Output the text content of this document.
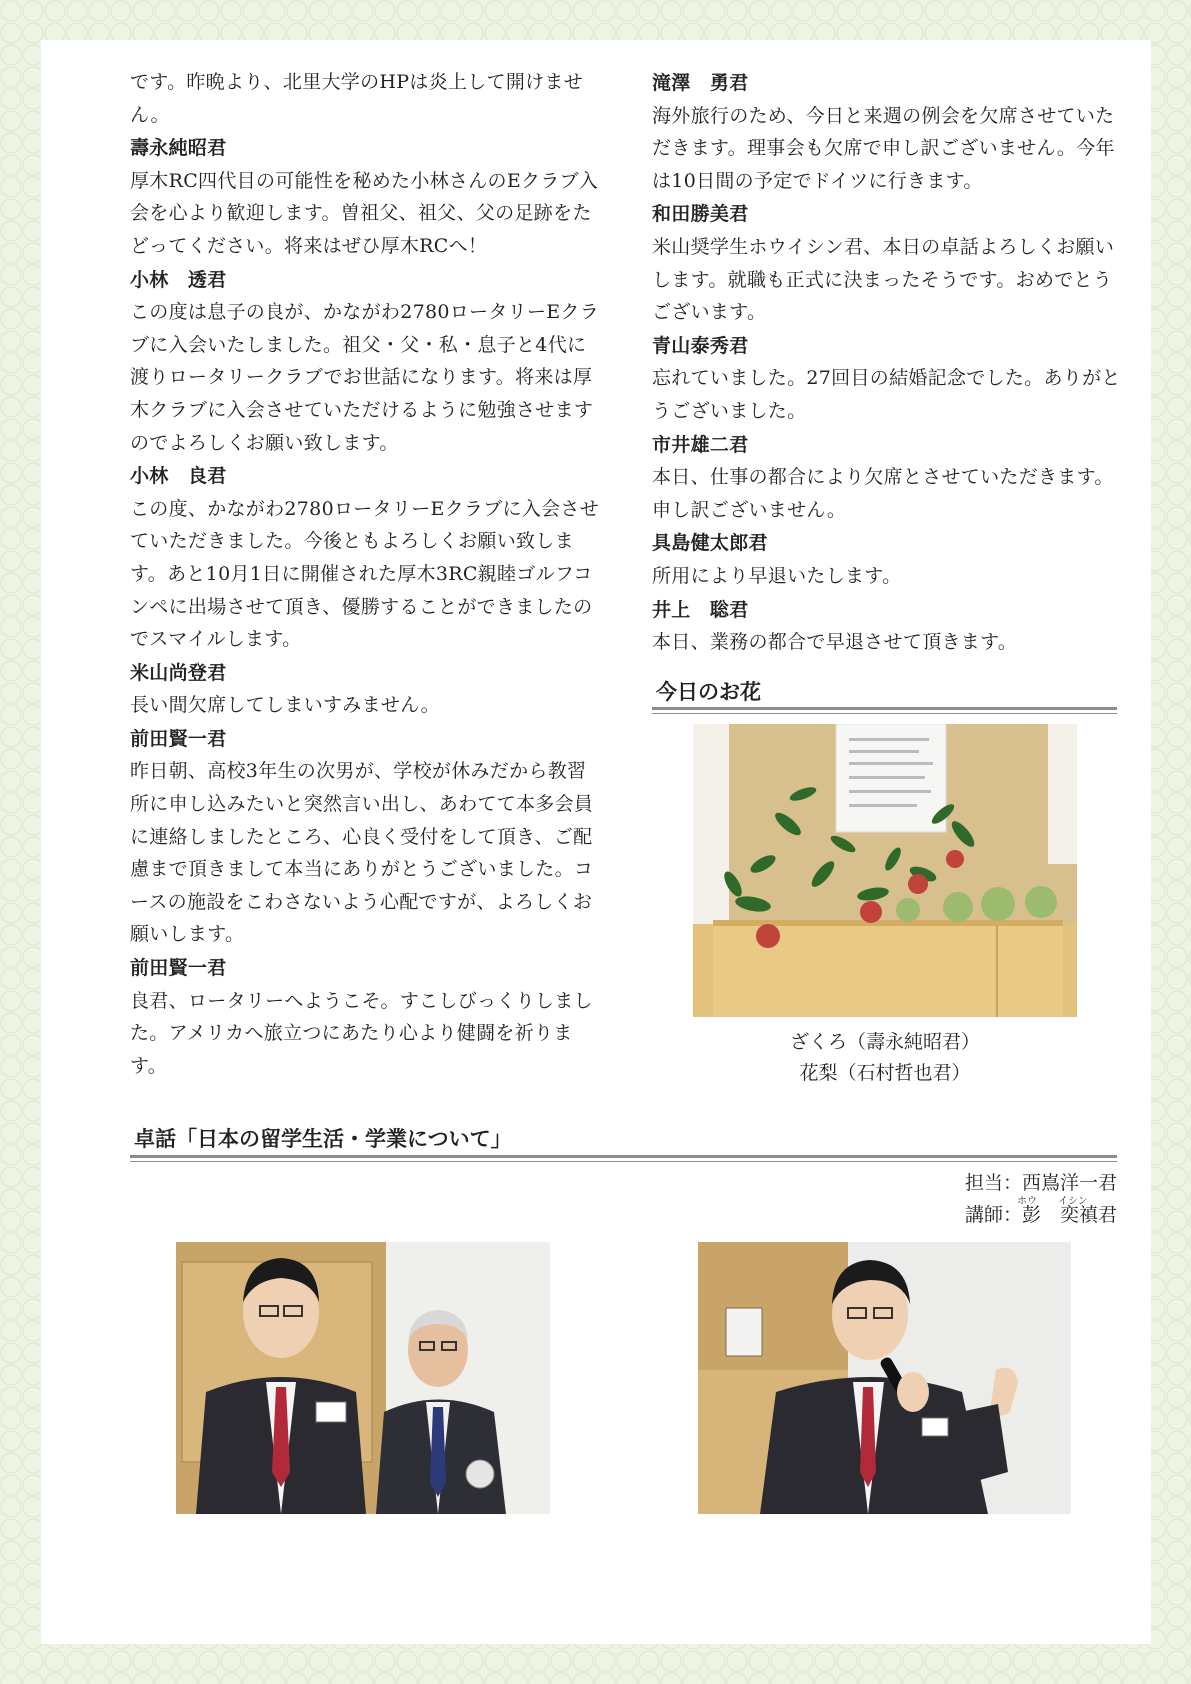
です。昨晩より、北里大学のHPは炎上して開けません。
壽永純昭君
厚木RC四代目の可能性を秘めた小林さんのEクラブ入会を心より歓迎します。曽祖父、祖父、父の足跡をたどってください。将来はぜひ厚木RCへ！
小林　透君
この度は息子の良が、かながわ2780ロータリーEクラブに入会いたしました。祖父・父・私・息子と4代に渡りロータリークラブでお世話になります。将来は厚木クラブに入会させていただけるように勉強させますのでよろしくお願い致します。
小林　良君
この度、かながわ2780ロータリーEクラブに入会させていただきました。今後ともよろしくお願い致します。あと10月1日に開催された厚木3RC親睦ゴルフコンペに出場させて頂き、優勝することができましたのでスマイルします。
米山尚登君
長い間欠席してしまいすみません。
前田賢一君
昨日朝、高校3年生の次男が、学校が休みだから教習所に申し込みたいと突然言い出し、あわてて本多会員に連絡しましたところ、心良く受付をして頂き、ご配慮まで頂きまして本当にありがとうございました。コースの施設をこわさないよう心配ですが、よろしくお願いします。
前田賢一君
良君、ロータリーへようこそ。すこしびっくりしました。アメリカへ旅立つにあたり心より健闘を祈ります。
滝澤　勇君
海外旅行のため、今日と来週の例会を欠席させていただきます。理事会も欠席で申し訳ございません。今年は10日間の予定でドイツに行きます。
和田勝美君
米山奨学生ホウイシン君、本日の卓話よろしくお願いします。就職も正式に決まったそうです。おめでとうございます。
青山泰秀君
忘れていました。27回目の結婚記念でした。ありがとうございました。
市井雄二君
本日、仕事の都合により欠席とさせていただきます。申し訳ございません。
具島健太郎君
所用により早退いたします。
井上　聡君
本日、業務の都合で早退させて頂きます。
今日のお花
ざくろ（壽永純昭君）
花梨（石村哲也君）
卓話「日本の留学生活・学業について」
担当：西嶌洋一君
ホウ イシン
講師：彭　奕禛君
